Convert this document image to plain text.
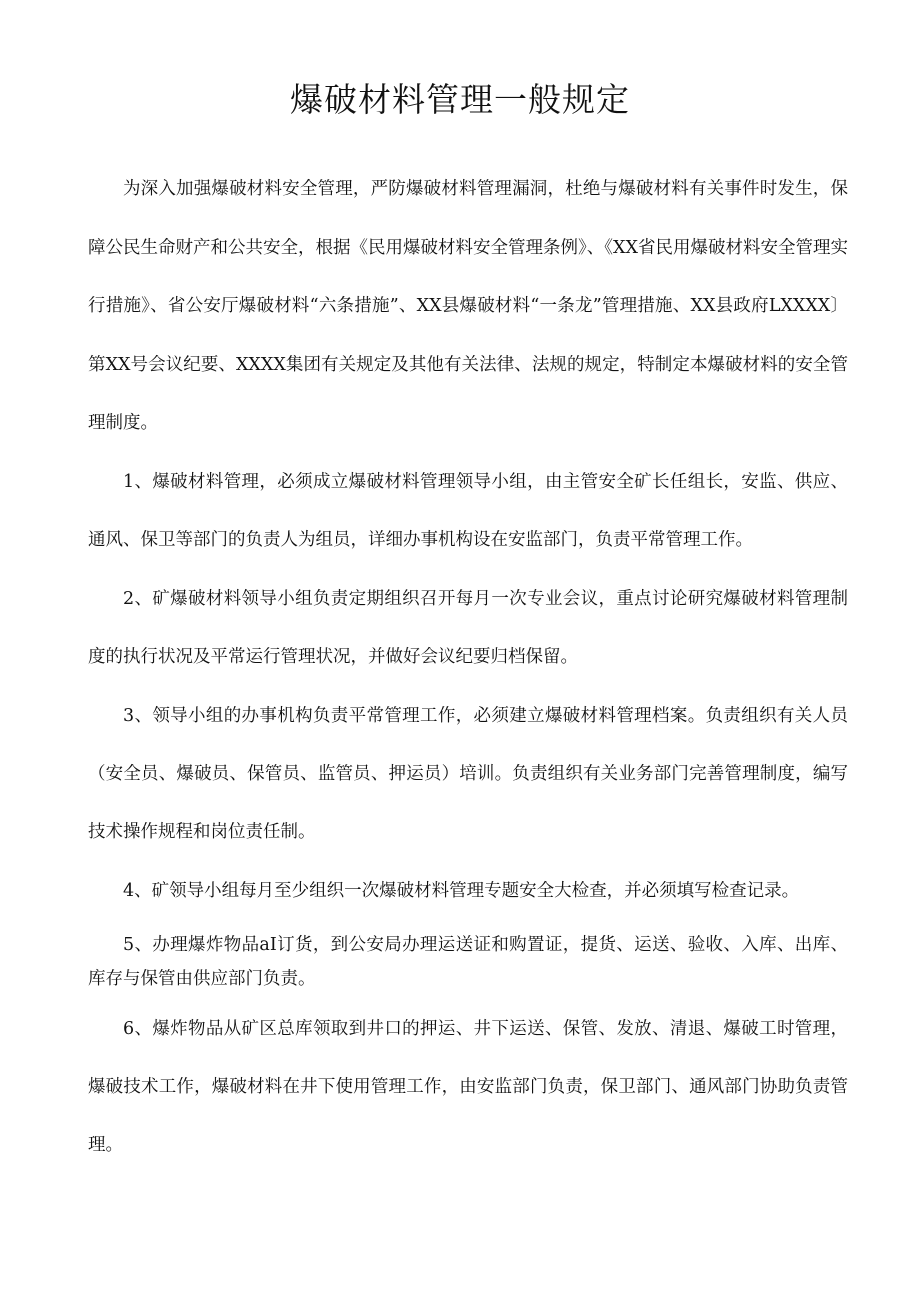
爆破材料管理一般规定

为深入加强爆破材料安全管理，严防爆破材料管理漏洞，杜绝与爆破材料有关事件时发生，保障公民生命财产和公共安全，根据《民用爆破材料安全管理条例》、《XX省民用爆破材料安全管理实行措施》、省公安厅爆破材料“六条措施”、XX县爆破材料“一条龙”管理措施、XX县政府LXXXX〕第XX号会议纪要、XXXX集团有关规定及其他有关法律、法规的规定，特制定本爆破材料的安全管理制度。

1、爆破材料管理，必须成立爆破材料管理领导小组，由主管安全矿长任组长，安监、供应、通风、保卫等部门的负责人为组员，详细办事机构设在安监部门，负责平常管理工作。

2、矿爆破材料领导小组负责定期组织召开每月一次专业会议，重点讨论研究爆破材料管理制度的执行状况及平常运行管理状况，并做好会议纪要归档保留。

3、领导小组的办事机构负责平常管理工作，必须建立爆破材料管理档案。负责组织有关人员（安全员、爆破员、保管员、监管员、押运员）培训。负责组织有关业务部门完善管理制度，编写技术操作规程和岗位责任制。

4、矿领导小组每月至少组织一次爆破材料管理专题安全大检查，并必须填写检查记录。

5、办理爆炸物品aI订货，到公安局办理运送证和购置证，提货、运送、验收、入库、出库、库存与保管由供应部门负责。

6、爆炸物品从矿区总库领取到井口的押运、井下运送、保管、发放、清退、爆破工时管理，爆破技术工作，爆破材料在井下使用管理工作，由安监部门负责，保卫部门、通风部门协助负责管理。
